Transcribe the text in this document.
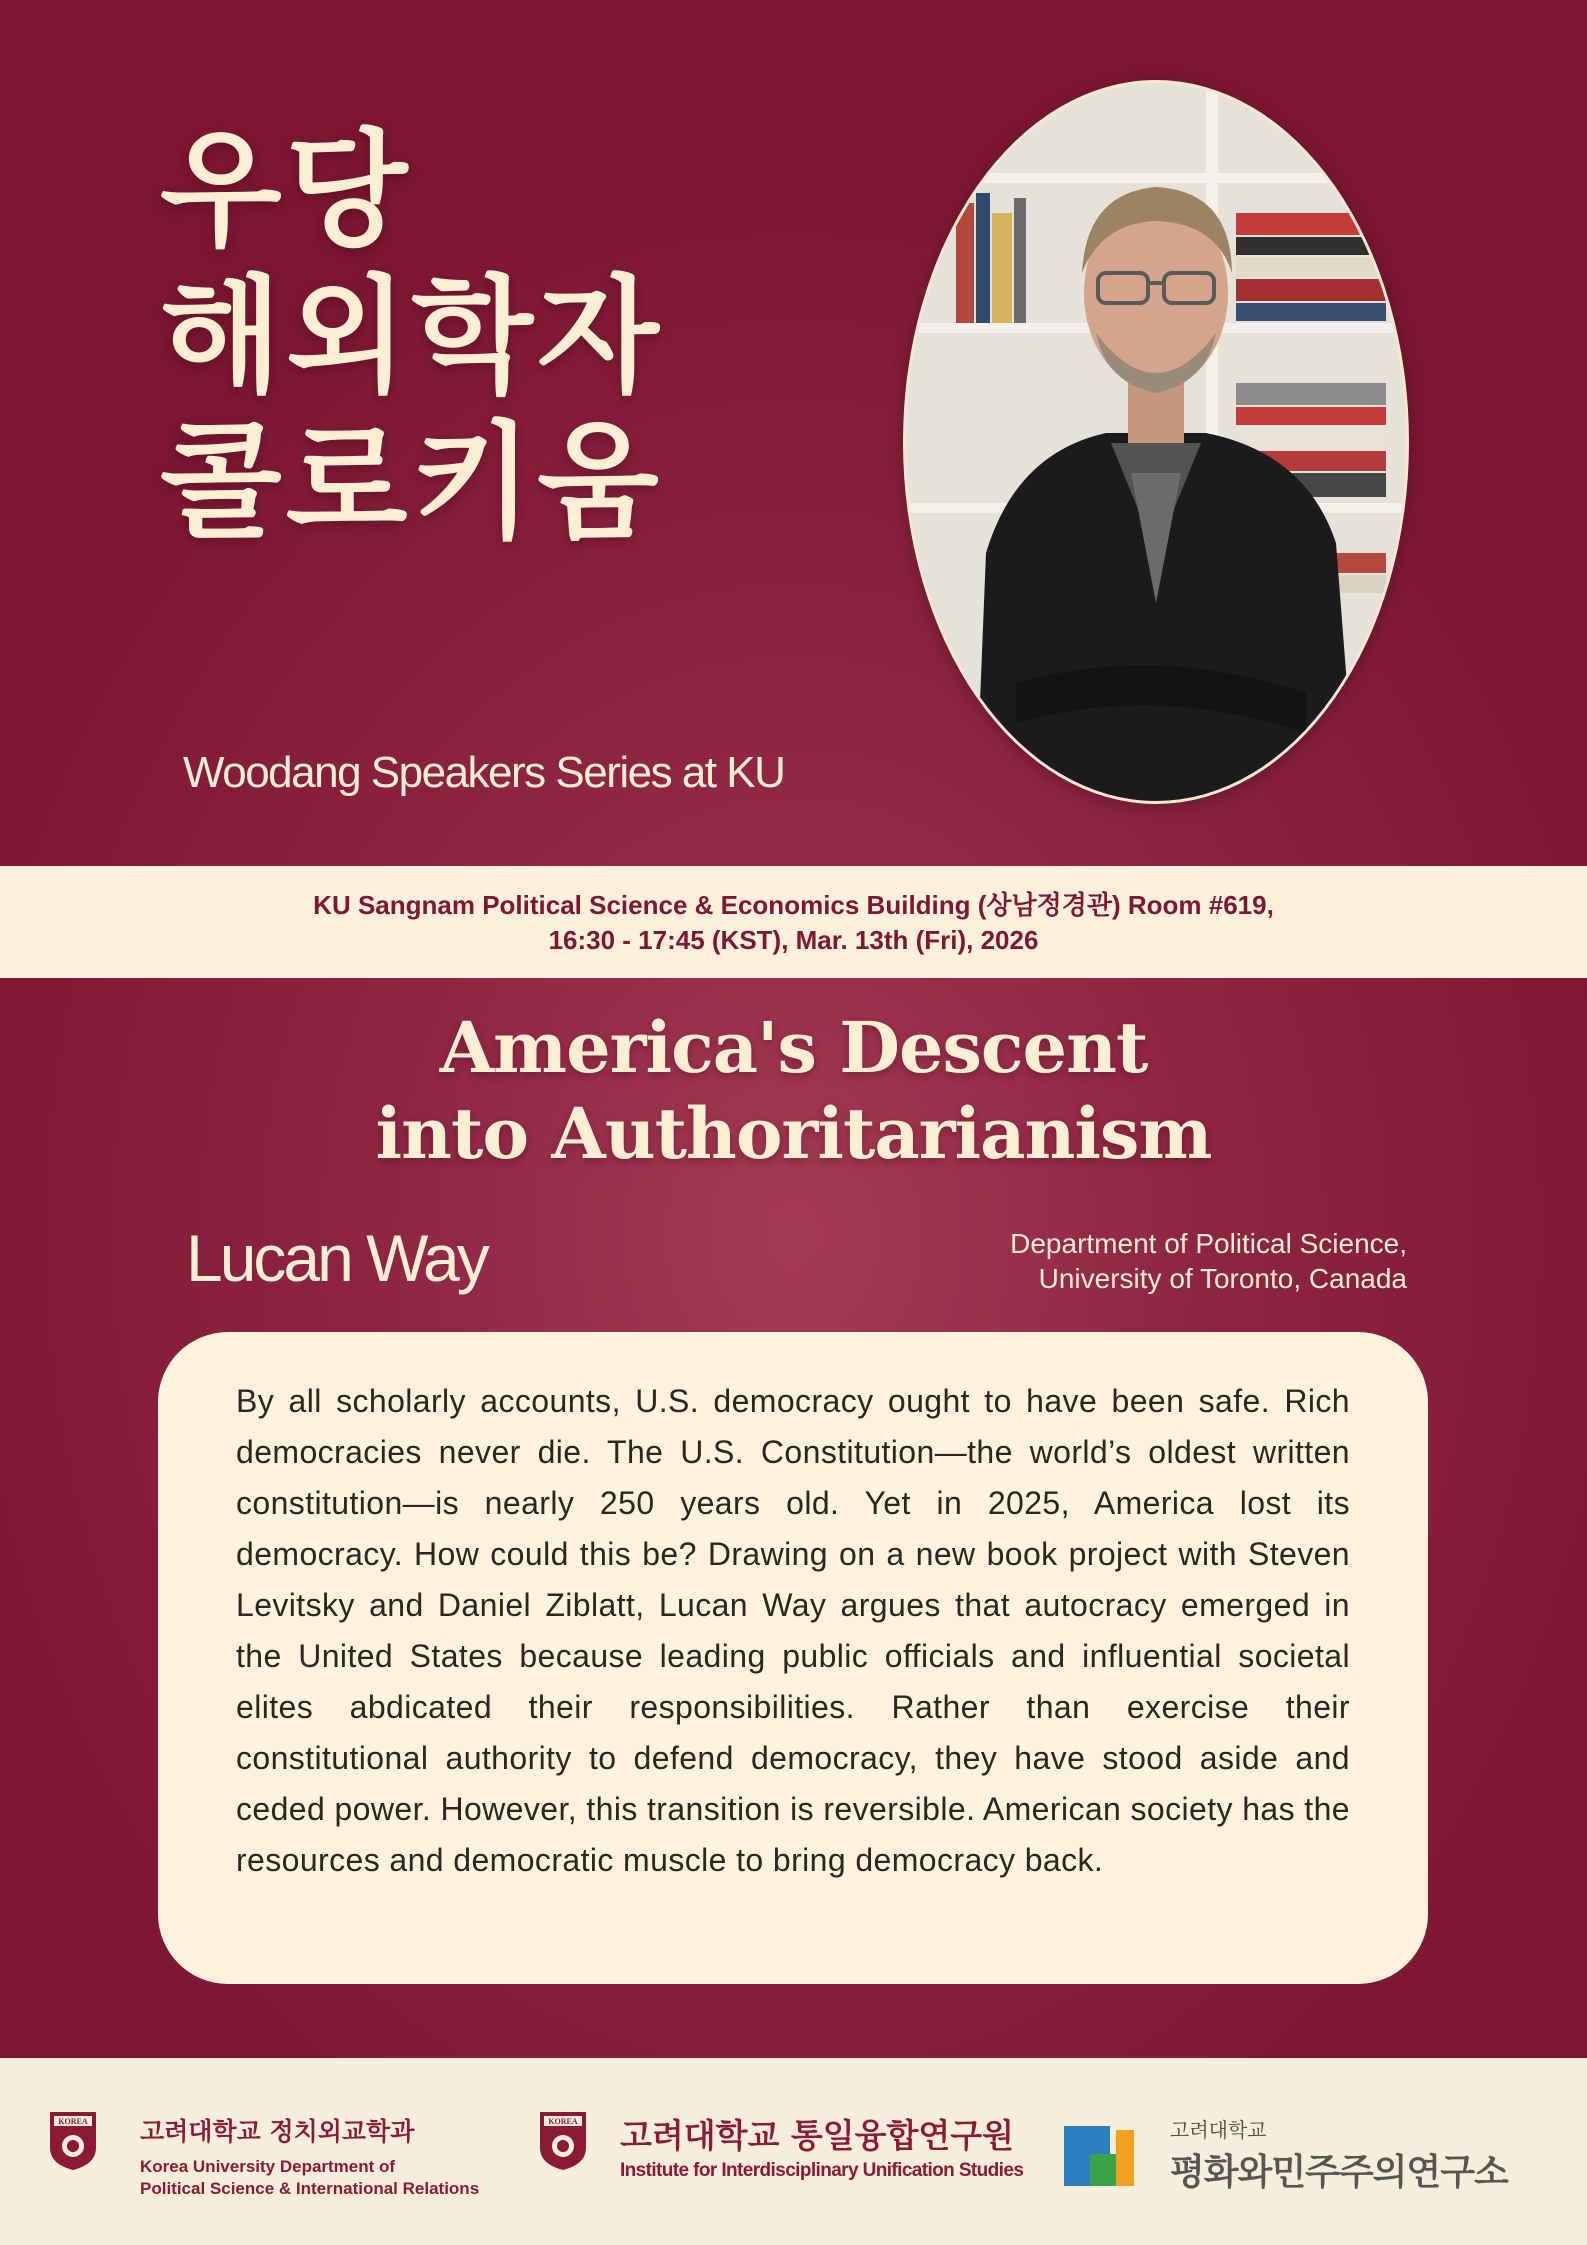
우당
해외학자
콜로키움
Woodang Speakers Series at KU
KU Sangnam Political Science & Economics Building (상남정경관) Room #619,
16:30 - 17:45 (KST), Mar. 13th (Fri), 2026
America's Descent
into Authoritarianism
Lucan Way	Department of Political Science,
University of Toronto, Canada

By all scholarly accounts, U.S. democracy ought to have been safe. Rich democracies never die. The U.S. Constitution—the world’s oldest written constitution—is nearly 250 years old. Yet in 2025, America lost its democracy. How could this be? Drawing on a new book project with Steven Levitsky and Daniel Ziblatt, Lucan Way argues that autocracy emerged in the United States because leading public officials and influential societal elites abdicated their responsibilities. Rather than exercise their constitutional authority to defend democracy, they have stood aside and ceded power. However, this transition is reversible. American society has the resources and democratic muscle to bring democracy back.

KOREA 고려대학교 정치외교학과
Korea University Department of
Political Science & International Relations
KOREA 고려대학교 통일융합연구원
Institute for Interdisciplinary Unification Studies
고려대학교
평화와민주주의연구소
